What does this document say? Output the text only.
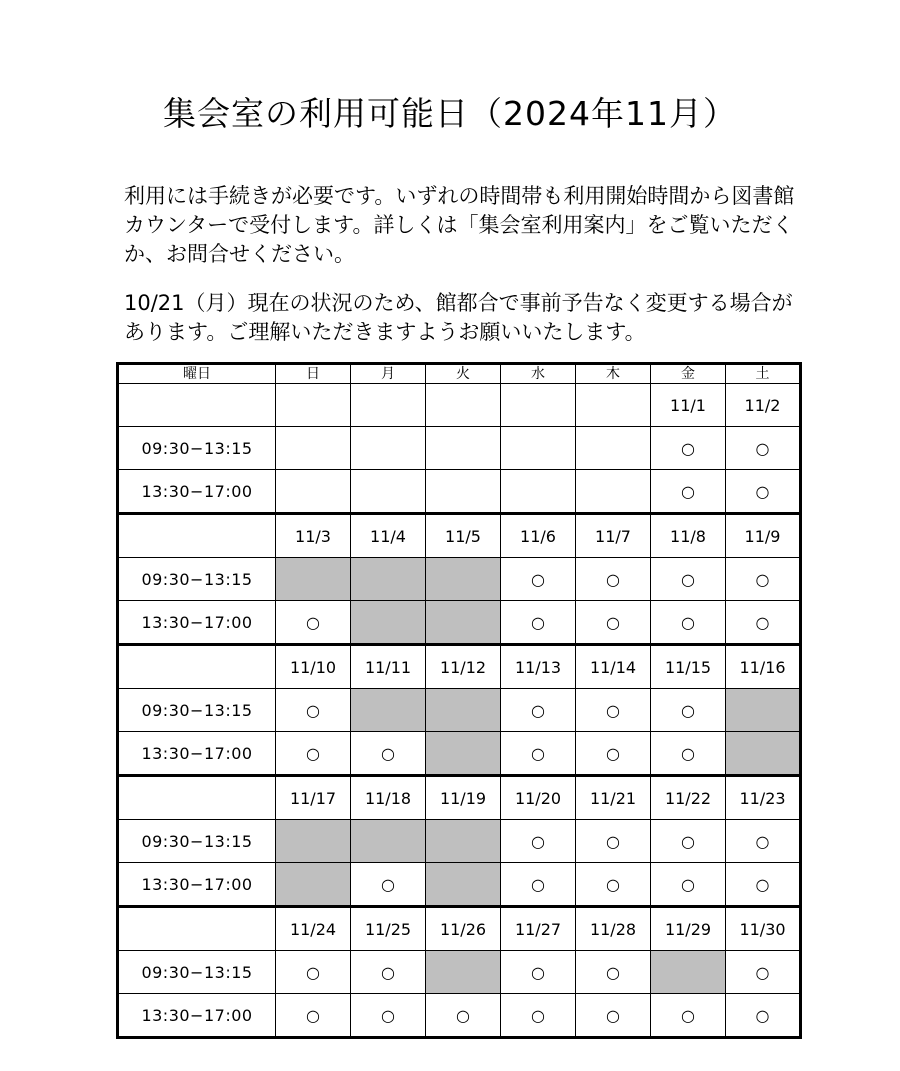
集会室の利用可能日（2024年11月）

利用には手続きが必要です。いずれの時間帯も利用開始時間から図書館カウンターで受付します。詳しくは「集会室利用案内」をご覧いただくか、お問合せください。

10/21（月）現在の状況のため、館都合で事前予告なく変更する場合があります。ご理解いただきますようお願いいたします。

曜日	日	月	火	水	木	金	土
						11/1	11/2
09:30−13:15						○	○
13:30−17:00						○	○
	11/3	11/4	11/5	11/6	11/7	11/8	11/9
09:30−13:15				○	○	○	○
13:30−17:00	○			○	○	○	○
	11/10	11/11	11/12	11/13	11/14	11/15	11/16
09:30−13:15	○			○	○	○	
13:30−17:00	○	○		○	○	○	
	11/17	11/18	11/19	11/20	11/21	11/22	11/23
09:30−13:15				○	○	○	○
13:30−17:00		○		○	○	○	○
	11/24	11/25	11/26	11/27	11/28	11/29	11/30
09:30−13:15	○	○		○	○		○
13:30−17:00	○	○	○	○	○	○	○
